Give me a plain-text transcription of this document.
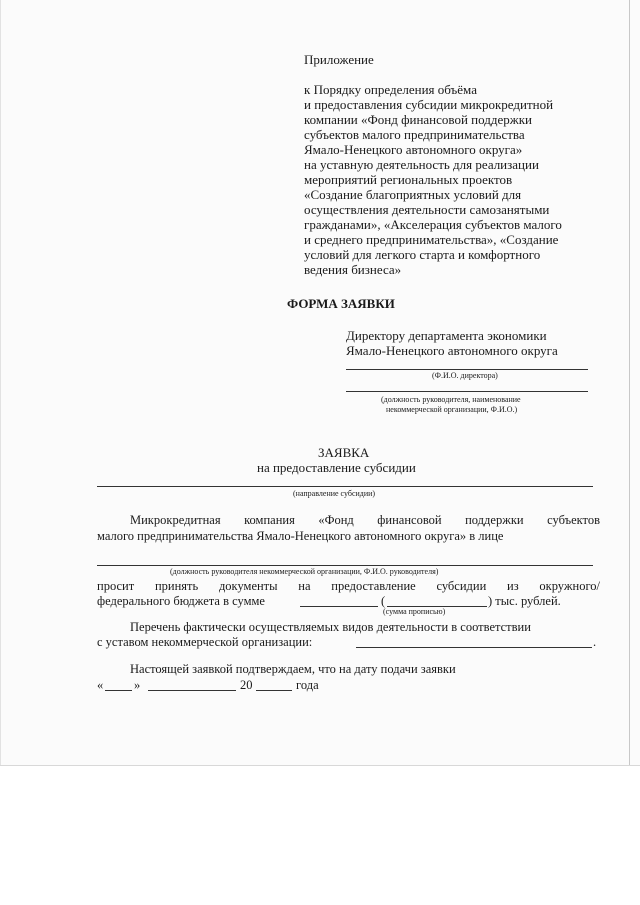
Приложение
к Порядку определения объёма
и предоставления субсидии микрокредитной
компании «Фонд финансовой поддержки
субъектов малого предпринимательства
Ямало-Ненецкого автономного округа»
на уставную деятельность для реализации
мероприятий региональных проектов
«Создание благоприятных условий для
осуществления деятельности самозанятыми
гражданами», «Акселерация субъектов малого
и среднего предпринимательства», «Создание
условий для легкого старта и комфортного
ведения бизнеса»
ФОРМА ЗАЯВКИ
Директору департамента экономики
Ямало-Ненецкого автономного округа
(Ф.И.О. директора)
(должность руководителя, наименование
некоммерческой организации, Ф.И.О.)
ЗАЯВКА
на предоставление субсидии
(направление субсидии)
Микрокредитная компания «Фонд финансовой поддержки субъектов
малого предпринимательства Ямало-Ненецкого автономного округа» в лице
(должность руководителя некоммерческой организации, Ф.И.О. руководителя)
просит принять документы на предоставление субсидии из окружного/
федерального бюджета в сумме	(	) тыс. рублей.
(сумма прописью)
Перечень фактически осуществляемых видов деятельности в соответствии
с уставом некоммерческой организации:	.
Настоящей заявкой подтверждаем, что на дату подачи заявки
« »	20	года
